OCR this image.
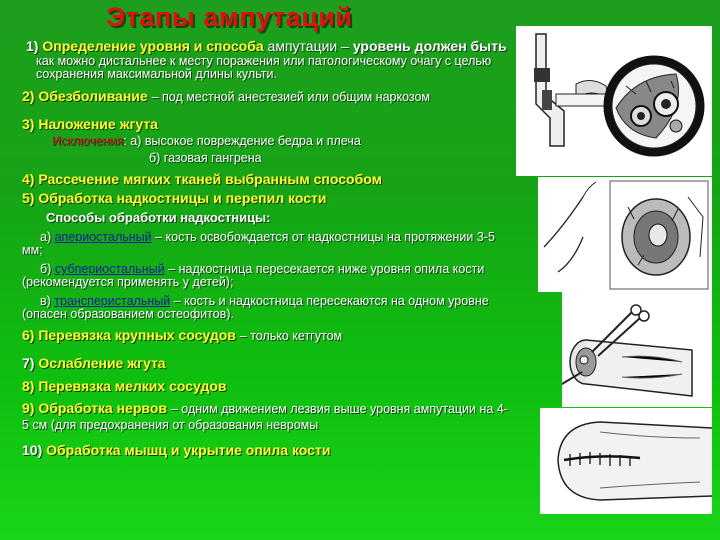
Этапы ампутаций
1) Определение уровня и способа ампутации – уровень должен быть
как можно дистальнее к месту поражения или патологическому очагу с целью сохранения максимальной длины культи.
2) Обезболивание – под местной анестезией или общим наркозом
3) Наложение жгута
Исключения: а) высокое повреждение бедра и плеча
б) газовая гангрена
4) Рассечение мягких тканей выбранным способом
5) Обработка надкостницы и перепил кости
Способы обработки надкостницы:
а) апериостальный – кость освобождается от надкостницы на протяжении 3-5 мм;
б) субпериостальный – надкостница пересекается ниже уровня опила кости (рекомендуется применять у детей);
в) трансперистальный – кость и надкостница пересекаются на одном уровне (опасен образованием остеофитов).
6) Перевязка крупных сосудов – только кетгутом
7) Ослабление жгута
8) Перевязка мелких сосудов
9) Обработка нервов – одним движением лезвия выше уровня ампутации на 4-5 см (для предохранения от образования невромы
10) Обработка мышц и укрытие опила кости
